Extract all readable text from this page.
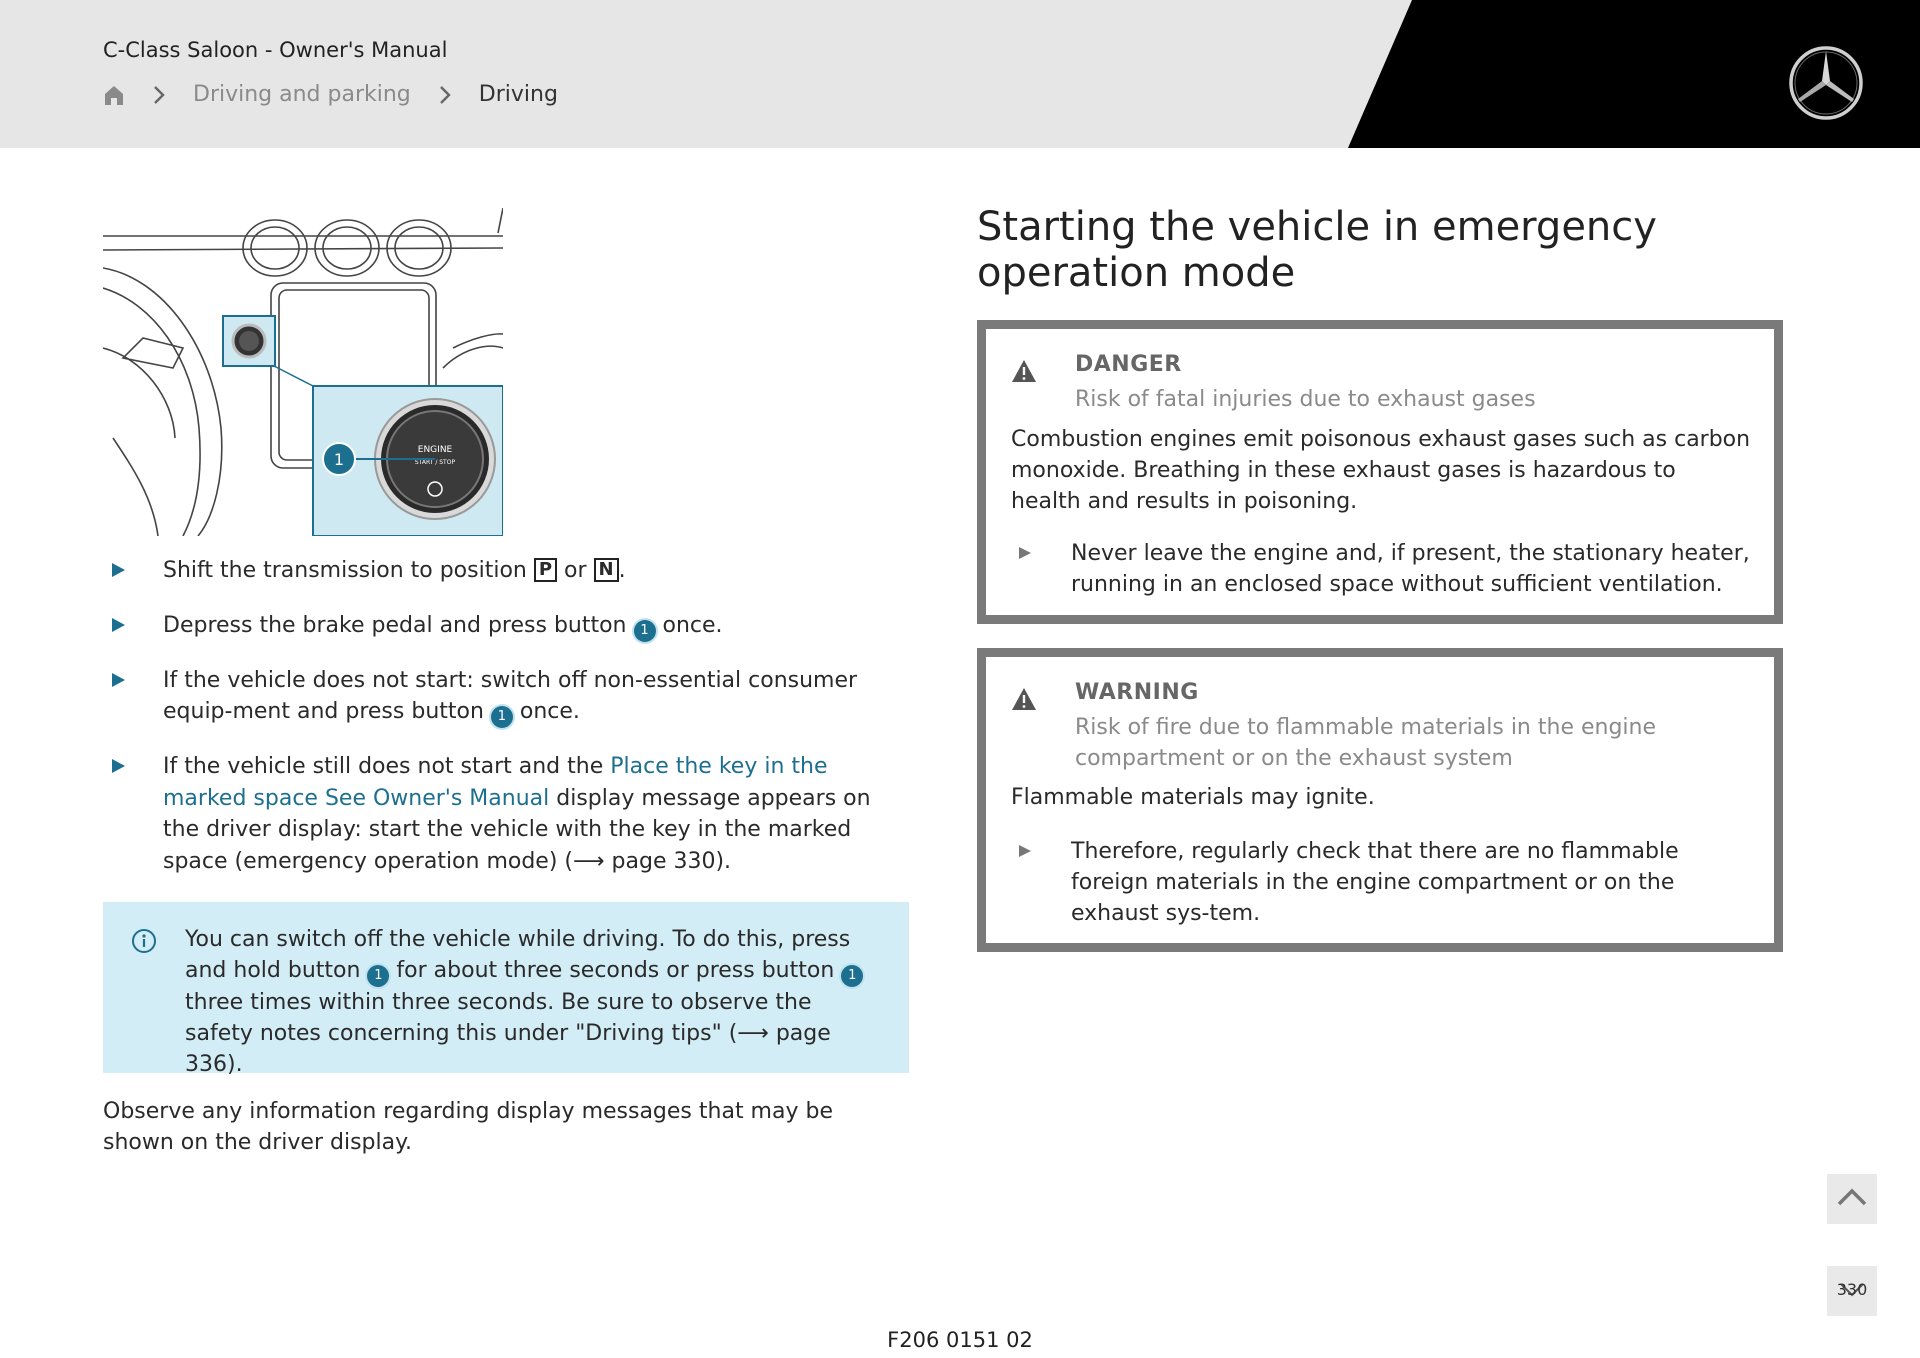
C-Class Saloon - Owner's Manual
Driving and parking	Driving
ENGINE
START / STOP
1
Shift the transmission to position P or N .
Depress the brake pedal and press button 1 once.
If the vehicle does not start: switch off non-essential consumer equip-ment and press button 1 once.
If the vehicle still does not start and the Place the key in the marked space See Owner's Manual display message appears on the driver display: start the vehicle with the key in the marked space (emergency operation mode) (⟶ page 330).
You can switch off the vehicle while driving. To do this, press and hold button 1 for about three seconds or press button 1 three times within three seconds. Be sure to observe the safety notes concerning this under "Driving tips" (⟶ page 336).
Observe any information regarding display messages that may be shown on the driver display.
Starting the vehicle in emergency operation mode
DANGER
Risk of fatal injuries due to exhaust gases
Combustion engines emit poisonous exhaust gases such as carbon monoxide. Breathing in these exhaust gases is hazardous to health and results in poisoning.
Never leave the engine and, if present, the stationary heater, running in an enclosed space without sufficient ventilation.
WARNING
Risk of fire due to flammable materials in the engine compartment or on the exhaust system
Flammable materials may ignite.
Therefore, regularly check that there are no flammable foreign materials in the engine compartment or on the exhaust sys-tem.
330
F206 0151 02
